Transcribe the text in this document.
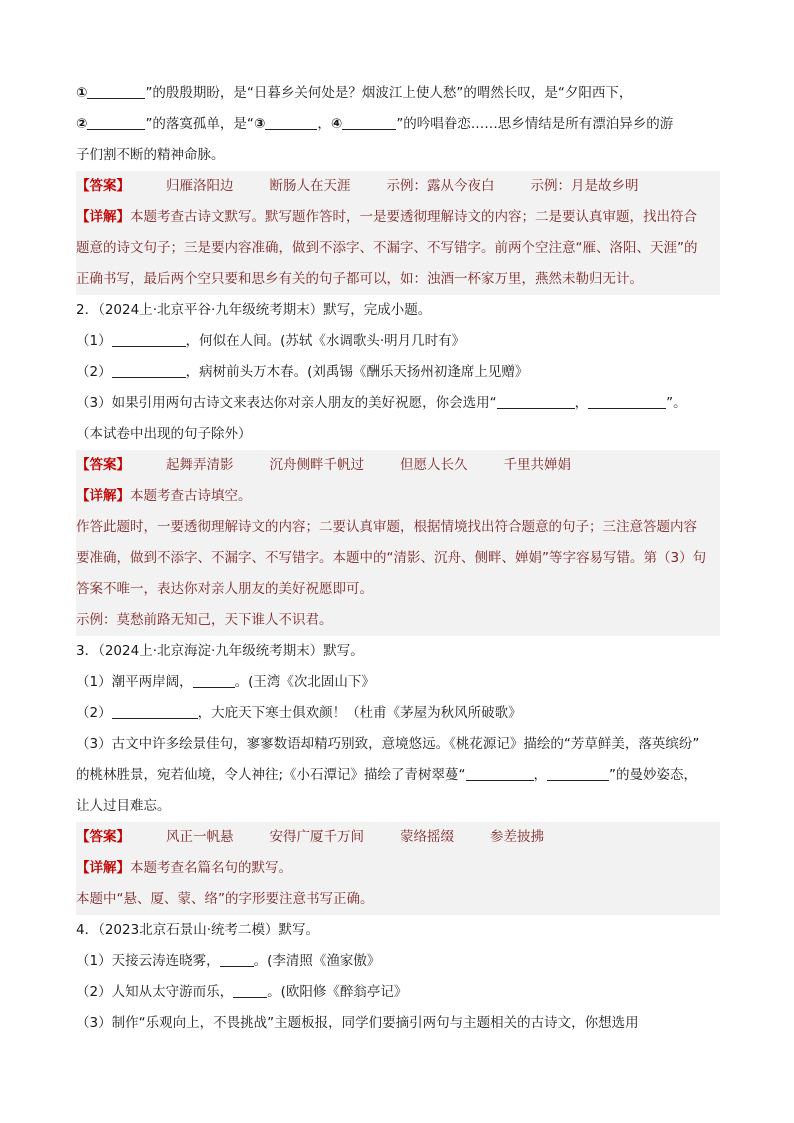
①	”的殷殷期盼，是“日暮乡关何处是？烟波江上使人愁”的喟然长叹，是“夕阳西下，
②	”的落寞孤单，是“③	，④	”的吟唱眷恋……思乡情结是所有漂泊异乡的游
子们割不断的精神命脉。
【答案】	归雁洛阳边	断肠人在天涯	示例：露从今夜白	示例：月是故乡明
【详解】本题考查古诗文默写。默写题作答时，一是要透彻理解诗文的内容；二是要认真审题，找出符合
题意的诗文句子；三是要内容准确，做到不添字、不漏字、不写错字。前两个空注意“雁、洛阳、天涯”的
正确书写，最后两个空只要和思乡有关的句子都可以，如：浊酒一杯家万里，燕然未勒归无计。
2．（2024上·北京平谷·九年级统考期末）默写，完成小题。
（1）	，何似在人间。(苏轼《水调歌头·明月几时有》
（2）	，病树前头万木春。(刘禹锡《酬乐天扬州初逢席上见赠》
（3）如果引用两句古诗文来表达你对亲人朋友的美好祝愿，你会选用“	，	”。
（本试卷中出现的句子除外）
【答案】	起舞弄清影	沉舟侧畔千帆过	但愿人长久	千里共婵娟
【详解】本题考查古诗填空。
作答此题时，一要透彻理解诗文的内容；二要认真审题，根据情境找出符合题意的句子；三注意答题内容
要准确，做到不添字、不漏字、不写错字。本题中的“清影、沉舟、侧畔、婵娟”等字容易写错。第（3）句
答案不唯一，表达你对亲人朋友的美好祝愿即可。
示例：莫愁前路无知己，天下谁人不识君。
3．（2024上·北京海淀·九年级统考期末）默写。
（1）潮平两岸阔，	。(王湾《次北固山下》
（2）	，大庇天下寒士俱欢颜！（杜甫《茅屋为秋风所破歌》
（3）古文中许多绘景佳句，寥寥数语却精巧别致，意境悠远。《桃花源记》描绘的“芳草鲜美，落英缤纷”
的桃林胜景，宛若仙境，令人神往;《小石潭记》描绘了青树翠蔓“	，	”的曼妙姿态，
让人过目难忘。
【答案】	风正一帆悬	安得广厦千万间	蒙络摇缀	参差披拂
【详解】本题考查名篇名句的默写。
本题中“悬、厦、蒙、络”的字形要注意书写正确。
4．（2023北京石景山·统考二模）默写。
（1）天接云涛连晓雾，	。(李清照《渔家傲》
（2）人知从太守游而乐，	。(欧阳修《醉翁亭记》
（3）制作“乐观向上，不畏挑战”主题板报，同学们要摘引两句与主题相关的古诗文，你想选用
